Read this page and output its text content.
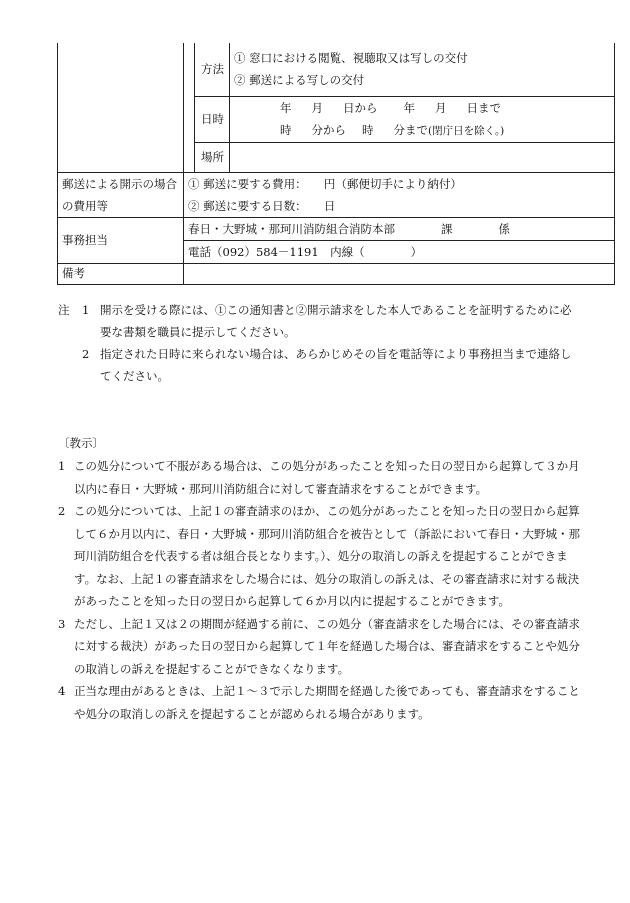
		方法	① 窓口における閲覧、視聴取又は写しの交付
② 郵送による写しの交付

		日時	年 月 日から 年 月 日まで
時 分から 時 分まで(閉庁日を除く。)

		場所	

郵送による開示の場合
の費用等	① 郵送に要する費用：　　円（郵便切手により納付）
② 郵送に要する日数：　　日		

事務担当	春日・大野城・那珂川消防組合消防本部　　　　課　　　　係
電話（092）584－1191　内線（　　　　）		

備考			
注 1 開示を受ける際には、①この通知書と②開示請求をした本人であることを証明するために必要な書類を職員に提示してください。
2 指定された日時に来られない場合は、あらかじめその旨を電話等により事務担当まで連絡してください。
〔教示〕
1 この処分について不服がある場合は、この処分があったことを知った日の翌日から起算して３か月以内に春日・大野城・那珂川消防組合に対して審査請求をすることができます。
2 この処分については、上記１の審査請求のほか、この処分があったことを知った日の翌日から起算して６か月以内に、春日・大野城・那珂川消防組合を被告として（訴訟において春日・大野城・那珂川消防組合を代表する者は組合長となります。）、処分の取消しの訴えを提起することができます。なお、上記１の審査請求をした場合には、処分の取消しの訴えは、その審査請求に対する裁決があったことを知った日の翌日から起算して６か月以内に提起することができます。
3 ただし、上記１又は２の期間が経過する前に、この処分（審査請求をした場合には、その審査請求に対する裁決）があった日の翌日から起算して１年を経過した場合は、審査請求をすることや処分の取消しの訴えを提起することができなくなります。
4 正当な理由があるときは、上記１～３で示した期間を経過した後であっても、審査請求をすることや処分の取消しの訴えを提起することが認められる場合があります。
